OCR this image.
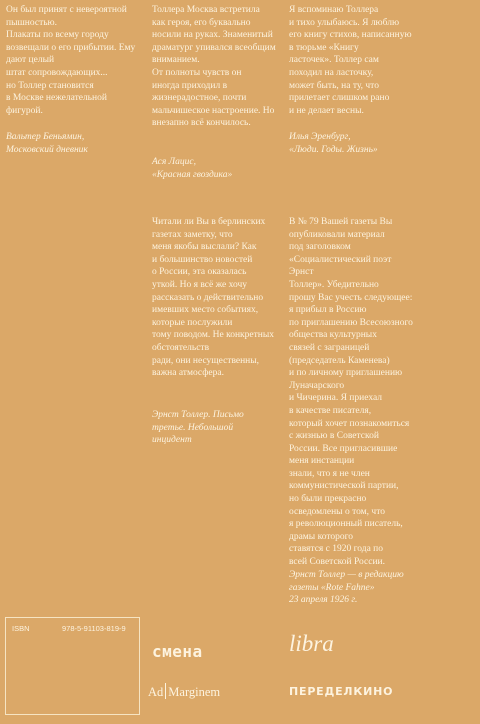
Он был принят с невероятной пышностью.
Плакаты по всему городу
возвещали о его прибытии. Ему дают целый
штат сопровождающих...
но Толлер становится
в Москве нежелательной
фигурой.

Вальтер Беньямин,
Московский дневник

Толлера Москва встретила
как героя, его буквально
носили на руках. Знаменитый драматург упивался всеобщим вниманием.
От полноты чувств он
иногда приходил в жизнерадостное, почти мальчишеское настроение. Но
внезапно всё кончилось.

Ася Лацис,
«Красная гвоздика»

Я вспоминаю Толлера
и тихо улыбаюсь. Я люблю
его книгу стихов, написанную в тюрьме «Книгу
ласточек». Толлер сам
походил на ласточку,
может быть, на ту, что
прилетает слишком рано
и не делает весны.

Илья Эренбург,
«Люди. Годы. Жизнь»

Читали ли Вы в берлинских газетах заметку, что
меня якобы выслали? Как
и большинство новостей
о России, эта оказалась
уткой. Но я всё же хочу
рассказать о действительно имевших место событиях, которые послужили
тому поводом. Не конкретных обстоятельств
ради, они несущественны,
важна атмосфера.

Эрнст Толлер. Письмо
третье. Небольшой
инцидент

В № 79 Вашей газеты Вы
опубликовали материал
под заголовком «Социалистический поэт Эрнст
Толлер». Убедительно
прошу Вас учесть следующее: я прибыл в Россию
по приглашению Всесоюзного общества культурных
связей с заграницей
(председатель Каменева)
и по личному приглашению Луначарского
и Чичерина. Я приехал
в качестве писателя,
который хочет познакомиться
с жизнью в Советской
России. Все пригласившие меня инстанции
знали, что я не член коммунистической партии,
но были прекрасно
осведомлены о том, что
я революционный писатель, драмы которого
ставятся с 1920 года по
всей Советской России.

Эрнст Толлер — в редакцию газеты «Rote Fahne»
23 апреля 1926 г.

ISBN	978-5-91103-819-9

смена	libra

Ad Marginem	ПЕРЕДЕЛКИНО
